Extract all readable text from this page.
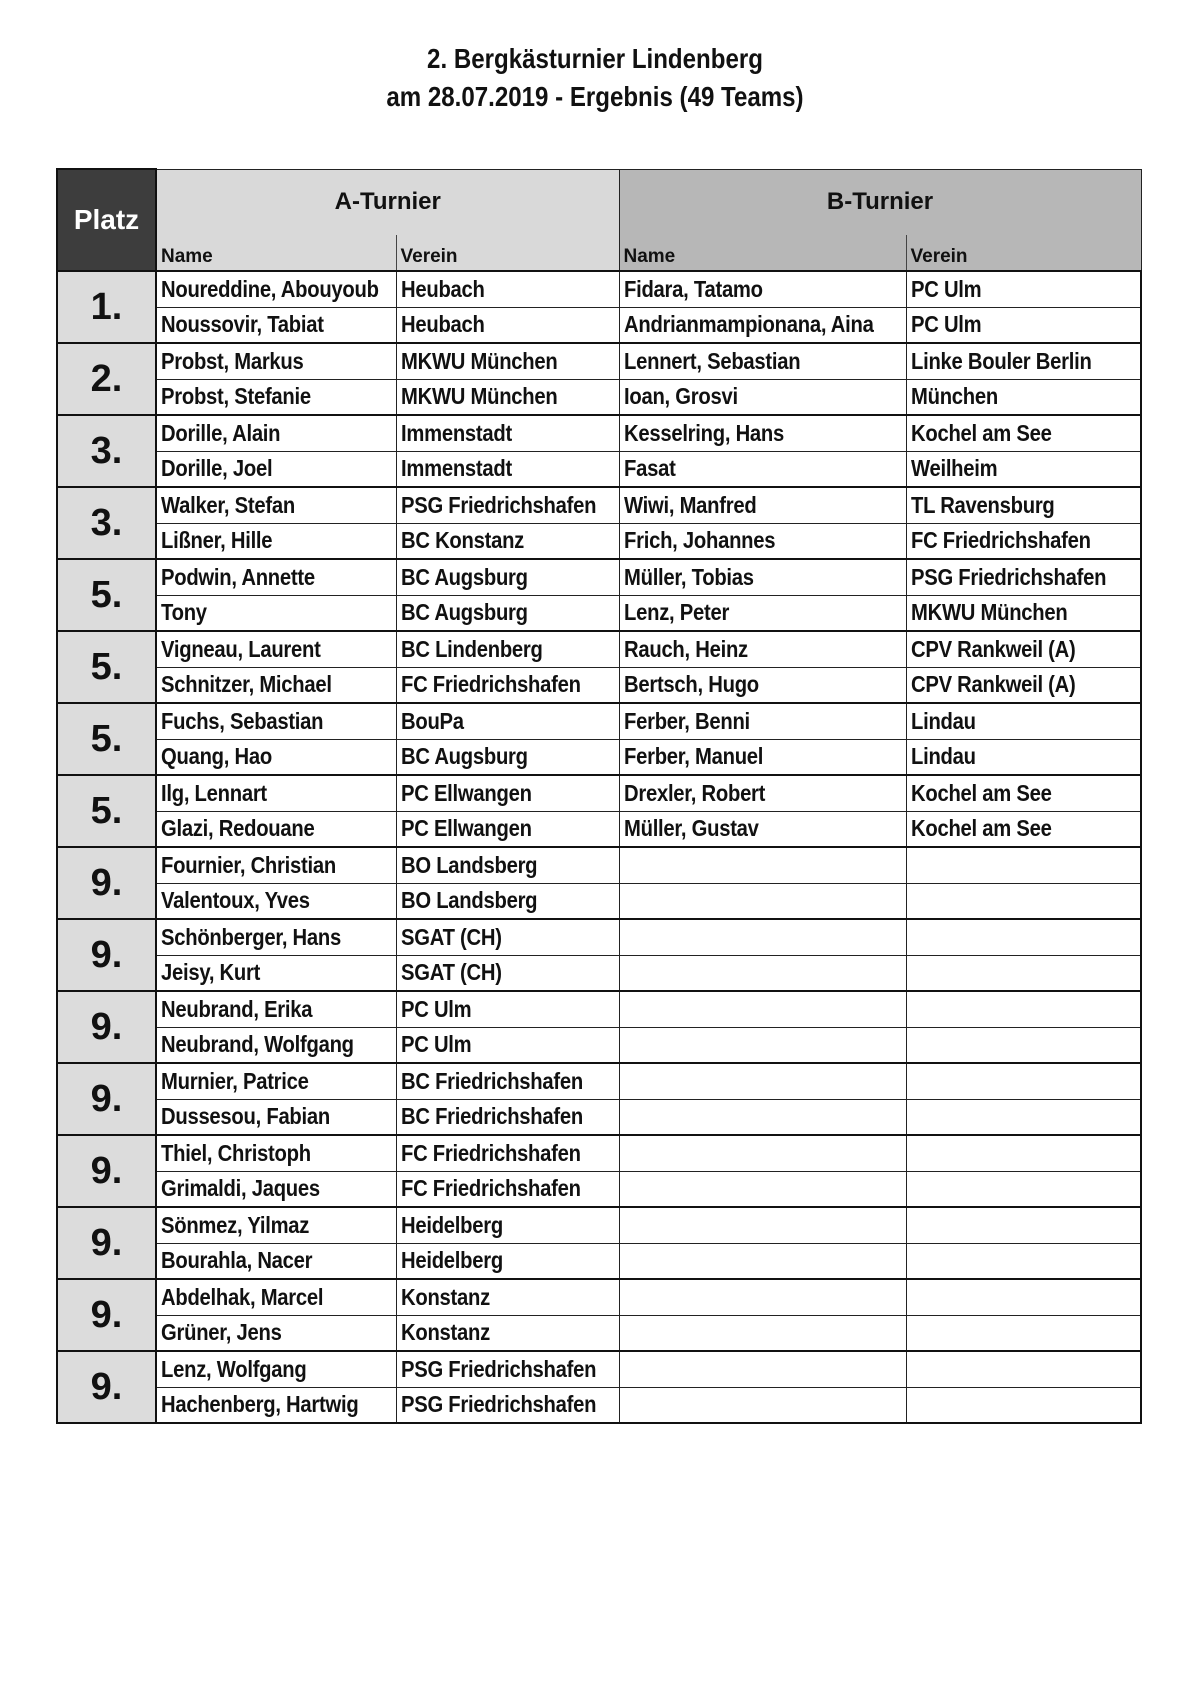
2. Bergkästurnier Lindenberg
am 28.07.2019 - Ergebnis (49 Teams)
Platz	A-Turnier		B-Turnier	
	Name	Verein	Name	Verein
1.	Noureddine, Abouyoub	Heubach	Fidara, Tatamo	PC Ulm
	Noussovir, Tabiat	Heubach	Andrianmampionana, Aina	PC Ulm
2.	Probst, Markus	MKWU München	Lennert, Sebastian	Linke Bouler Berlin
	Probst, Stefanie	MKWU München	Ioan, Grosvi	München
3.	Dorille, Alain	Immenstadt	Kesselring, Hans	Kochel am See
	Dorille, Joel	Immenstadt	Fasat	Weilheim
3.	Walker, Stefan	PSG Friedrichshafen	Wiwi, Manfred	TL Ravensburg
	Lißner, Hille	BC Konstanz	Frich, Johannes	FC Friedrichshafen
5.	Podwin, Annette	BC Augsburg	Müller, Tobias	PSG Friedrichshafen
	Tony	BC Augsburg	Lenz, Peter	MKWU München
5.	Vigneau, Laurent	BC Lindenberg	Rauch, Heinz	CPV Rankweil (A)
	Schnitzer, Michael	FC Friedrichshafen	Bertsch, Hugo	CPV Rankweil (A)
5.	Fuchs, Sebastian	BouPa	Ferber, Benni	Lindau
	Quang, Hao	BC Augsburg	Ferber, Manuel	Lindau
5.	Ilg, Lennart	PC Ellwangen	Drexler, Robert	Kochel am See
	Glazi, Redouane	PC Ellwangen	Müller, Gustav	Kochel am See
9.	Fournier, Christian	BO Landsberg		
	Valentoux, Yves	BO Landsberg		
9.	Schönberger, Hans	SGAT (CH)		
	Jeisy, Kurt	SGAT (CH)		
9.	Neubrand, Erika	PC Ulm		
	Neubrand, Wolfgang	PC Ulm		
9.	Murnier, Patrice	BC Friedrichshafen		
	Dussesou, Fabian	BC Friedrichshafen		
9.	Thiel, Christoph	FC Friedrichshafen		
	Grimaldi, Jaques	FC Friedrichshafen		
9.	Sönmez, Yilmaz	Heidelberg		
	Bourahla, Nacer	Heidelberg		
9.	Abdelhak, Marcel	Konstanz		
	Grüner, Jens	Konstanz		
9.	Lenz, Wolfgang	PSG Friedrichshafen		
	Hachenberg, Hartwig	PSG Friedrichshafen		
